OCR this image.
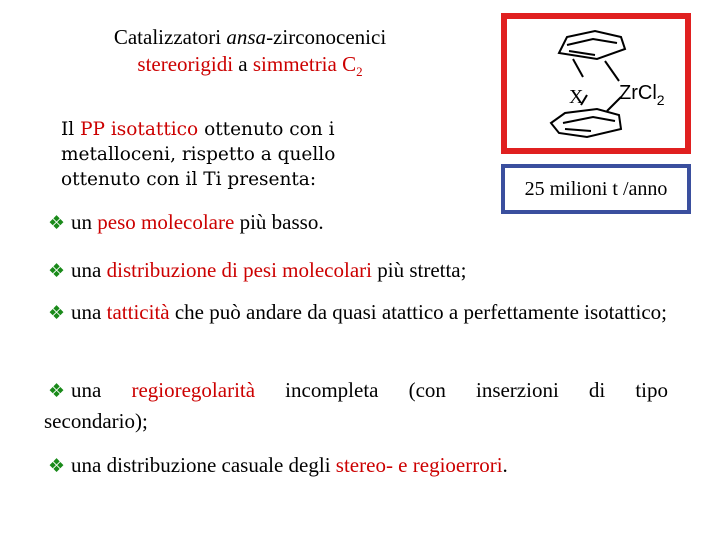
Catalizzatori ansa-zirconocenici
stereorigidi a simmetria $C_2$
Il PP isotattico ottenuto con i metalloceni, rispetto a quello ottenuto con il Ti presenta:
X ZrCl$_2$
25 milioni t /anno
❖ un peso molecolare più basso.
❖ una distribuzione di pesi molecolari più stretta;
❖ una tatticità che può andare da quasi atattico a perfettamente isotattico;
❖ una regioregolarità incompleta (con inserzioni di tipo secondario);
❖ una distribuzione casuale degli stereo- e regioerrori.
